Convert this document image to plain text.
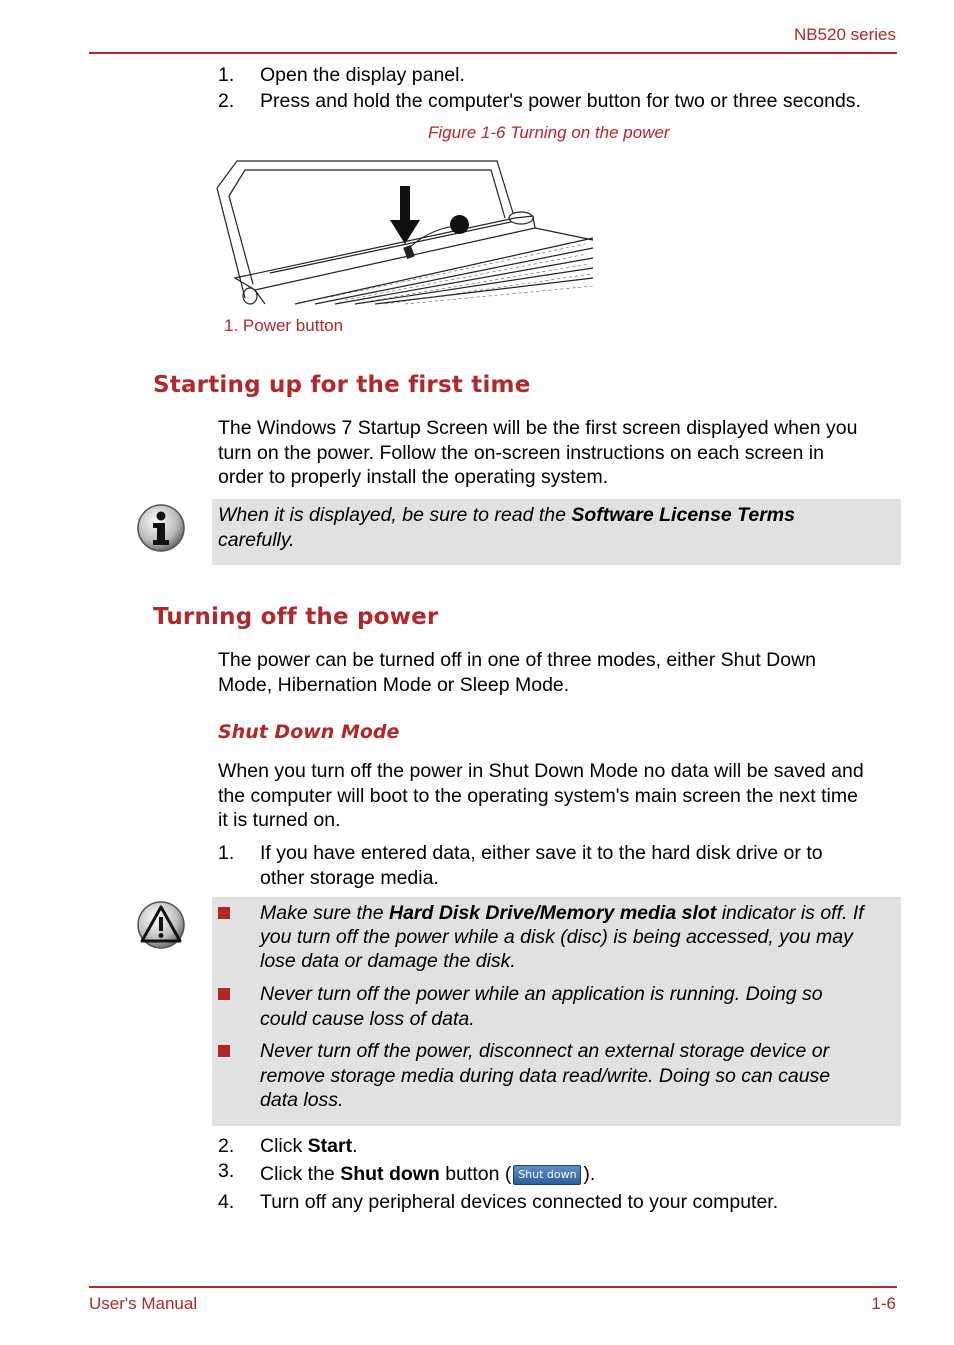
NB520 series
1. Open the display panel.
2. Press and hold the computer's power button for two or three seconds.
Figure 1-6 Turning on the power
1
1. Power button
Starting up for the first time
The Windows 7 Startup Screen will be the first screen displayed when you
turn on the power. Follow the on-screen instructions on each screen in
order to properly install the operating system.
When it is displayed, be sure to read the Software License Terms
carefully.
Turning off the power
The power can be turned off in one of three modes, either Shut Down
Mode, Hibernation Mode or Sleep Mode.
Shut Down Mode
When you turn off the power in Shut Down Mode no data will be saved and
the computer will boot to the operating system's main screen the next time
it is turned on.
1. If you have entered data, either save it to the hard disk drive or to
other storage media.
Make sure the Hard Disk Drive/Memory media slot indicator is off. If
you turn off the power while a disk (disc) is being accessed, you may
lose data or damage the disk.
Never turn off the power while an application is running. Doing so
could cause loss of data.
Never turn off the power, disconnect an external storage device or
remove storage media during data read/write. Doing so can cause
data loss.
2. Click Start.
3. Click the Shut down button ( Shut down ).
4. Turn off any peripheral devices connected to your computer.
User's Manual	1-6
